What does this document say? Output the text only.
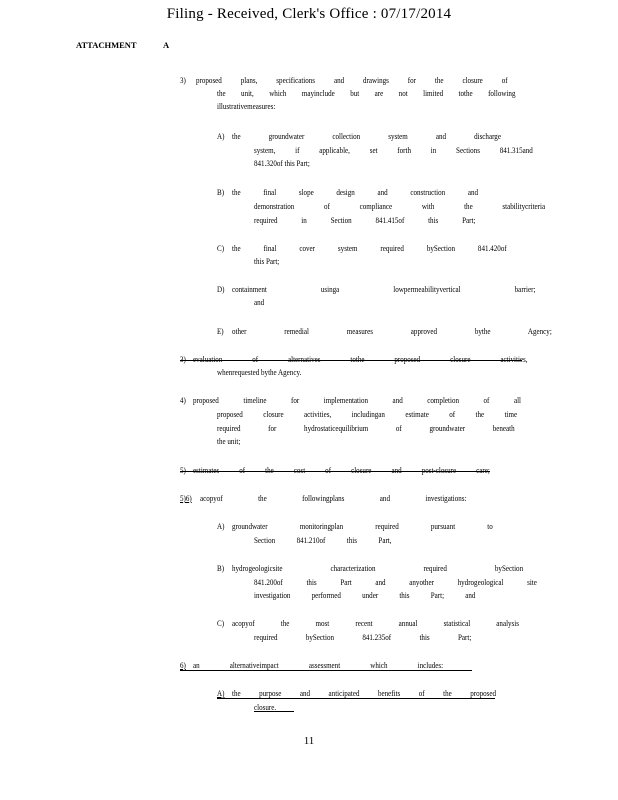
Filing - Received, Clerk's Office : 07/17/2014
ATTACHMENT	A
3) proposed plans, specifications and drawings for the closure of
the unit, which mayinclude but are not limited tothe following
illustrativemeasures:
A) the groundwater collection system and discharge
system, if applicable, set forth in Sections 841.315and
841.320of this Part;
B) the final slope design and construction and
demonstration of compliance with the stabilitycriteria
required in Section 841.415of this Part;
C) the final cover system required bySection 841.420of
this Part;
D) containment usinga lowpermeabilityvertical barrier;
and
E) other remedial measures approved bythe Agency;
3) evaluation of alternatives tothe proposed closure activities,
whenrequested bythe Agency.
4) proposed timeline for implementation and completion of all
proposed closure activities, includingan estimate of the time
required for hydrostaticequilibrium of groundwater beneath
the unit;
5) estimates of the cost of closure and post-closure care;
5)6) acopyof the followingplans and investigations:
A) groundwater monitoringplan required pursuant to
Section 841.210of this Part,
B) hydrogeologicsite characterization required bySection
841.200of this Part and anyother hydrogeological site
investigation performed under this Part; and
C) acopyof the most recent annual statistical analysis
required bySection 841.235of this Part;
6) an alternativeimpact assessment which includes:
A) the purpose and anticipated benefits of the proposed
closure.
11
